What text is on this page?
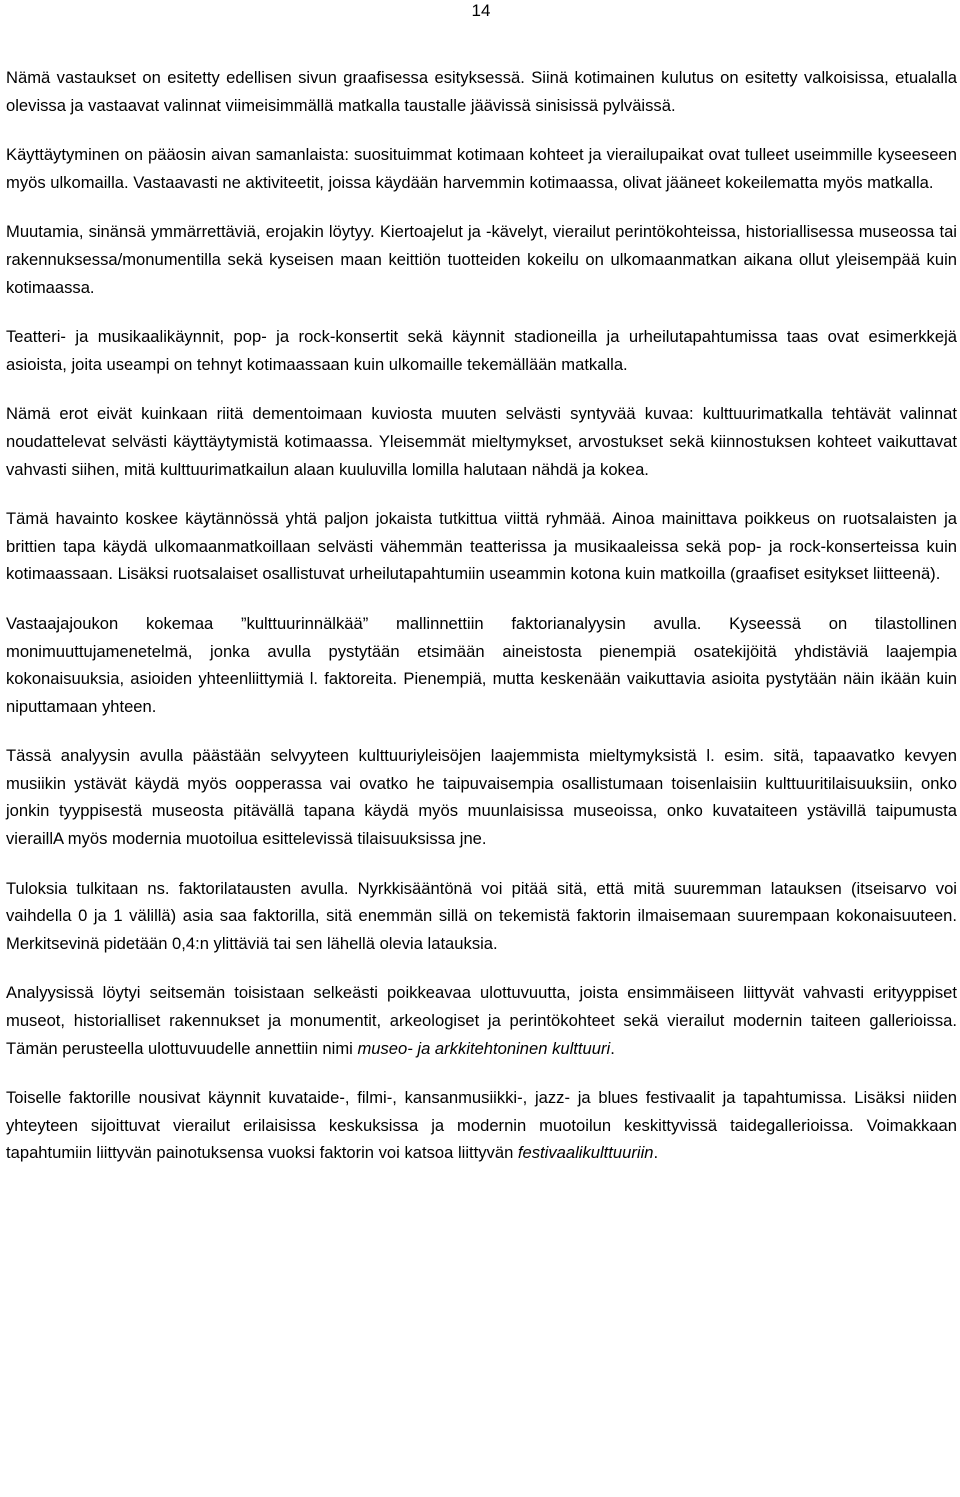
14

Nämä vastaukset on esitetty edellisen sivun graafisessa esityksessä. Siinä kotimainen kulutus on esitetty valkoisissa, etualalla olevissa ja vastaavat valinnat viimeisimmällä matkalla taustalle jäävissä sinisissä pylväissä.

Käyttäytyminen on pääosin aivan samanlaista: suosituimmat kotimaan kohteet ja vierailupaikat ovat tulleet useimmille kyseeseen myös ulkomailla. Vastaavasti ne aktiviteetit, joissa käydään harvemmin kotimaassa, olivat jääneet kokeilematta myös matkalla.

Muutamia, sinänsä ymmärrettäviä, erojakin löytyy. Kiertoajelut ja -kävelyt, vierailut perintökohteissa, historiallisessa museossa tai rakennuksessa/monumentilla sekä kyseisen maan keittiön tuotteiden kokeilu on ulkomaanmatkan aikana ollut yleisempää kuin kotimaassa.

Teatteri- ja musikaalikäynnit, pop- ja rock-konsertit sekä käynnit stadioneilla ja urheilutapahtumissa taas ovat esimerkkejä asioista, joita useampi on tehnyt kotimaassaan kuin ulkomaille tekemällään matkalla.

Nämä erot eivät kuinkaan riitä dementoimaan kuviosta muuten selvästi syntyvää kuvaa: kulttuurimatkalla tehtävät valinnat noudattelevat selvästi käyttäytymistä kotimaassa. Yleisemmät mieltymykset, arvostukset sekä kiinnostuksen kohteet vaikuttavat vahvasti siihen, mitä kulttuurimatkailun alaan kuuluvilla lomilla halutaan nähdä ja kokea.

Tämä havainto koskee käytännössä yhtä paljon jokaista tutkittua viittä ryhmää. Ainoa mainittava poikkeus on ruotsalaisten ja brittien tapa käydä ulkomaanmatkoillaan selvästi vähemmän teatterissa ja musikaaleissa sekä pop- ja rock-konserteissa kuin kotimaassaan. Lisäksi ruotsalaiset osallistuvat urheilutapahtumiin useammin kotona kuin matkoilla (graafiset esitykset liitteenä).

Vastaajajoukon kokemaa ”kulttuurinnälkää” mallinnettiin faktorianalyysin avulla. Kyseessä on tilastollinen monimuuttujamenetelmä, jonka avulla pystytään etsimään aineistosta pienempiä osatekijöitä yhdistäviä laajempia kokonaisuuksia, asioiden yhteenliittymiä l. faktoreita. Pienempiä, mutta keskenään vaikuttavia asioita pystytään näin ikään kuin niputtamaan yhteen.

Tässä analyysin avulla päästään selvyyteen kulttuuriyleisöjen laajemmista mieltymyksistä l. esim. sitä, tapaavatko kevyen musiikin ystävät käydä myös oopperassa vai ovatko he taipuvaisempia osallistumaan toisenlaisiin kulttuuritilaisuuksiin, onko jonkin tyyppisestä museosta pitävällä tapana käydä myös muunlaisissa museoissa, onko kuvataiteen ystävillä taipumusta vieraillA myös modernia muotoilua esittelevissä tilaisuuksissa jne.

Tuloksia tulkitaan ns. faktorilatausten avulla. Nyrkkisääntönä voi pitää sitä, että mitä suuremman latauksen (itseisarvo voi vaihdella 0 ja 1 välillä) asia saa faktorilla, sitä enemmän sillä on tekemistä faktorin ilmaisemaan suurempaan kokonaisuuteen. Merkitsevinä pidetään 0,4:n ylittäviä tai sen lähellä olevia latauksia.

Analyysissä löytyi seitsemän toisistaan selkeästi poikkeavaa ulottuvuutta, joista ensimmäiseen liittyvät vahvasti erityyppiset museot, historialliset rakennukset ja monumentit, arkeologiset ja perintökohteet sekä vierailut modernin taiteen gallerioissa. Tämän perusteella ulottuvuudelle annettiin nimi museo- ja arkkitehtoninen kulttuuri.

Toiselle faktorille nousivat käynnit kuvataide-, filmi-, kansanmusiikki-, jazz- ja blues festivaalit ja tapahtumissa. Lisäksi niiden yhteyteen sijoittuvat vierailut erilaisissa keskuksissa ja modernin muotoilun keskittyvissä taidegallerioissa. Voimakkaan tapahtumiin liittyvän painotuksensa vuoksi faktorin voi katsoa liittyvän festivaalikulttuuriin.
